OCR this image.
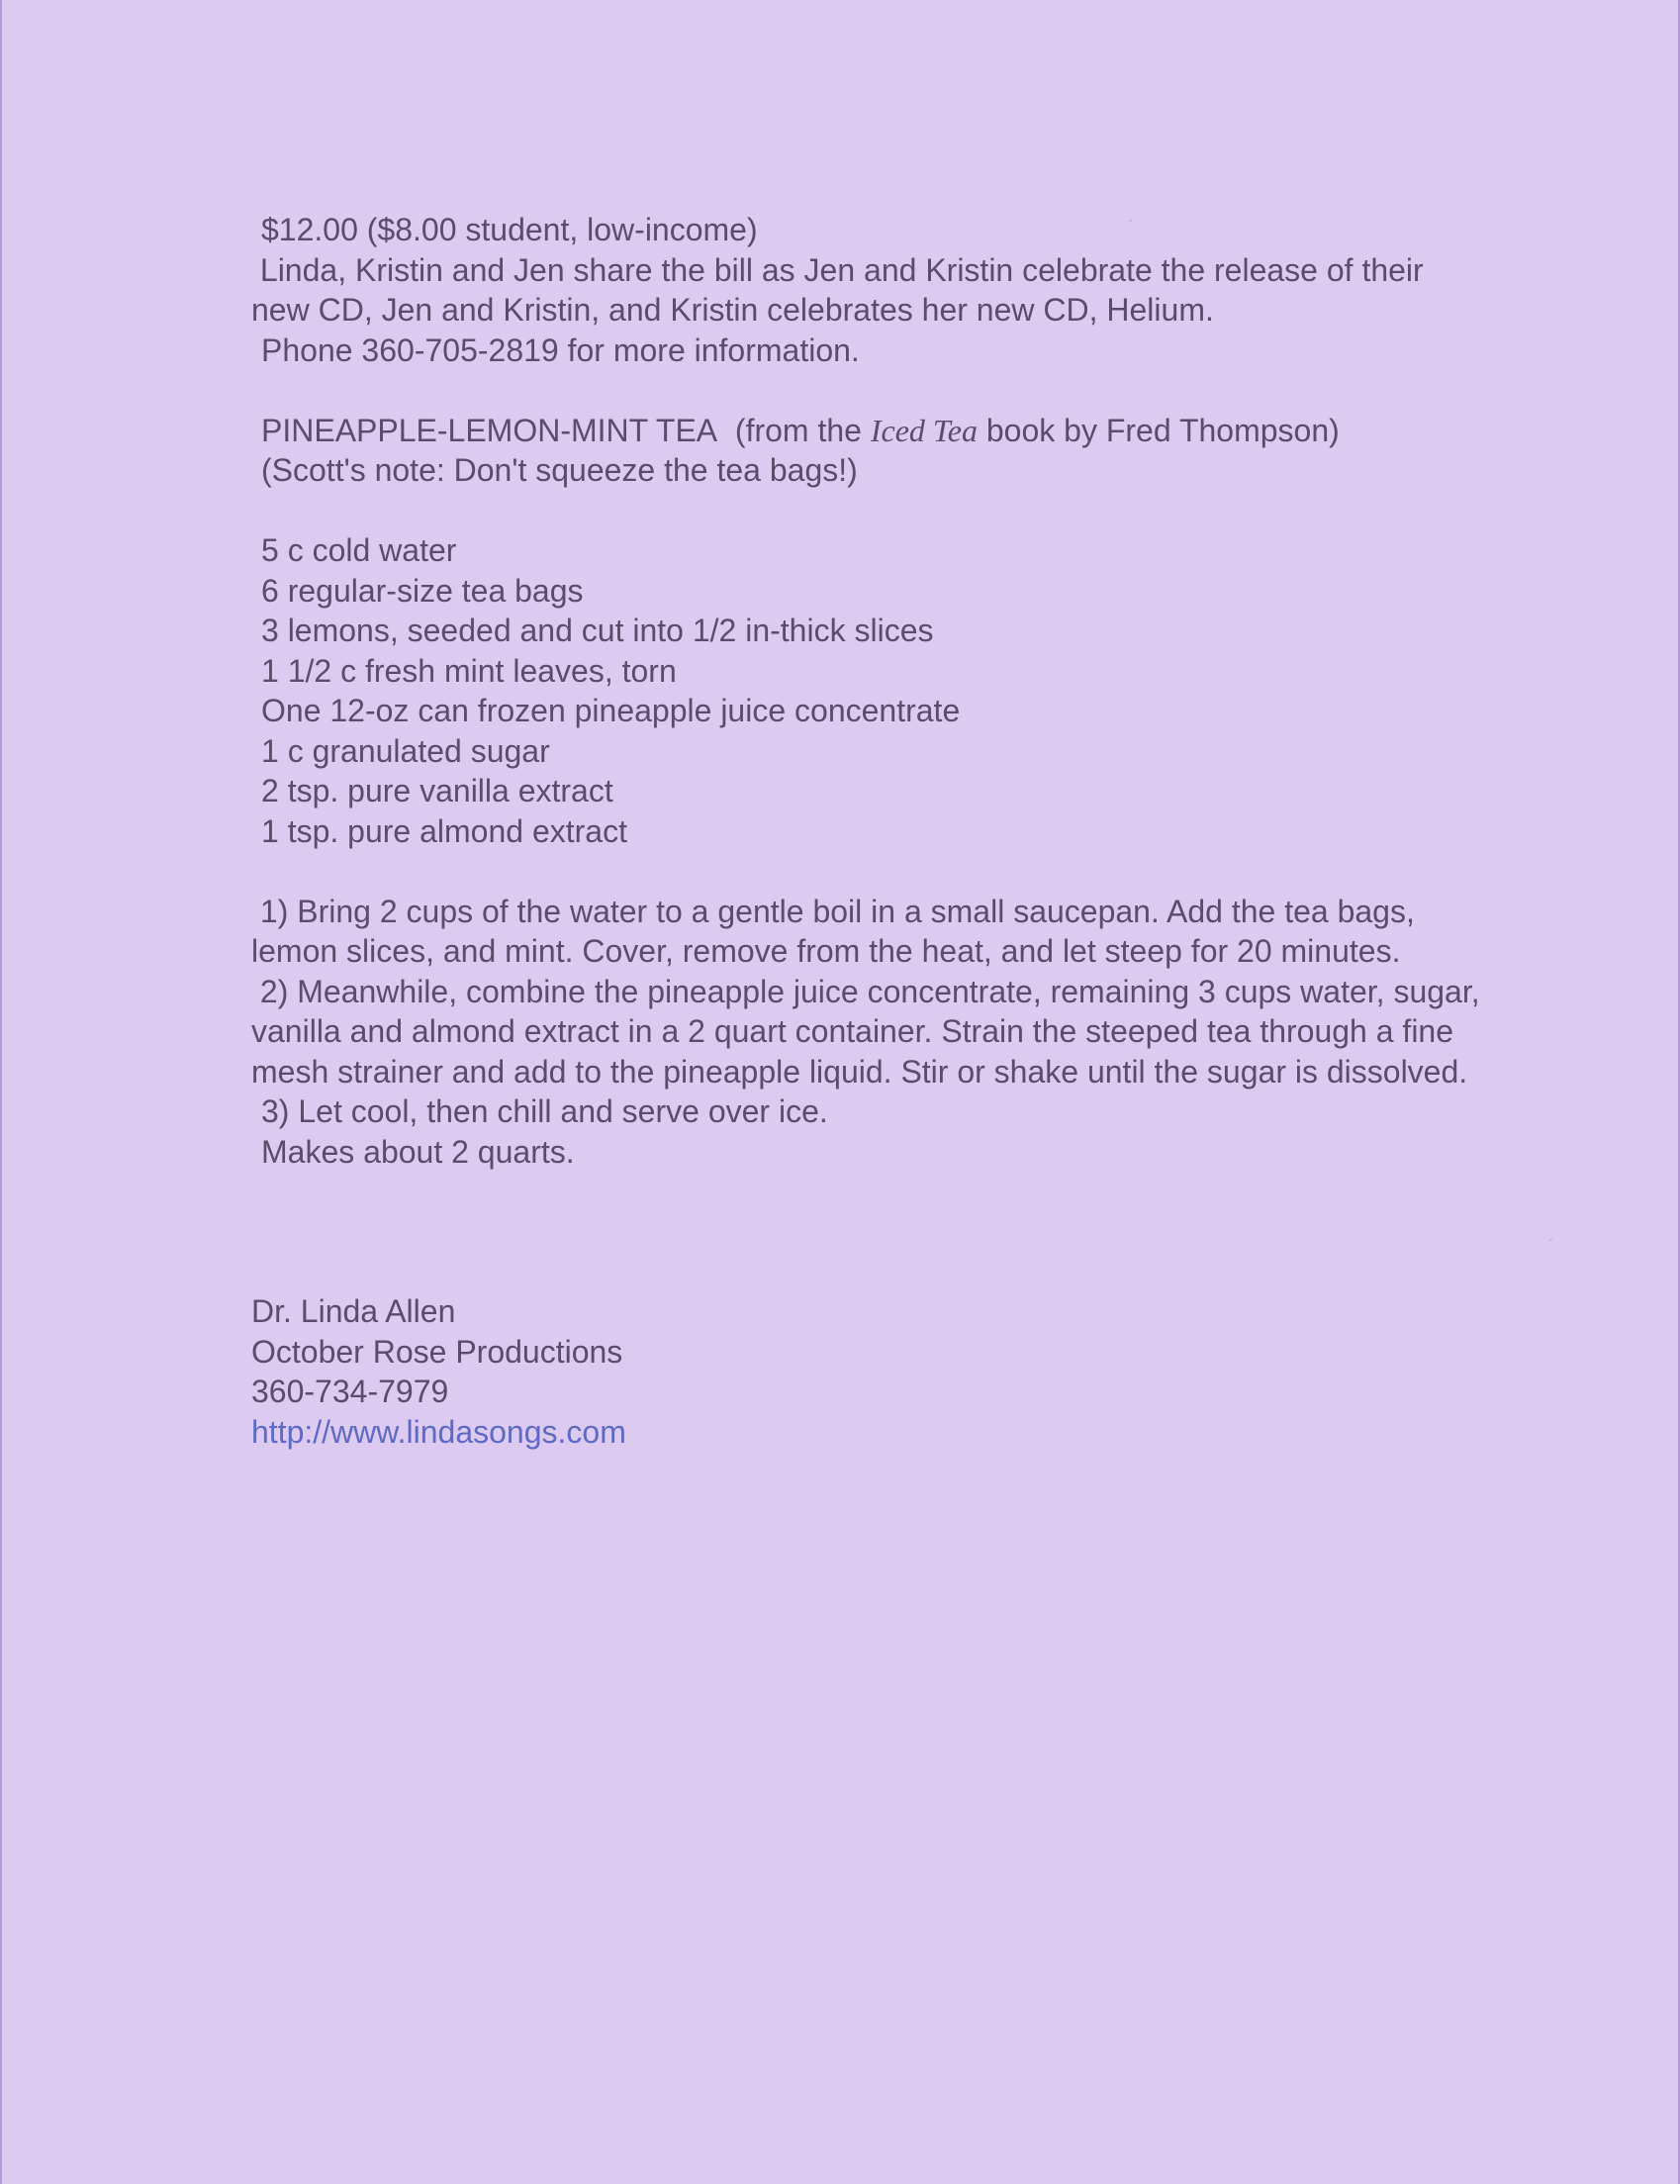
$12.00 ($8.00 student, low-income)

Linda, Kristin and Jen share the bill as Jen and Kristin celebrate the release of their new CD, Jen and Kristin, and Kristin celebrates her new CD, Helium.

Phone 360-705-2819 for more information.

PINEAPPLE-LEMON-MINT TEA (from the Iced Tea book by Fred Thompson)

(Scott's note: Don't squeeze the tea bags!)

5 c cold water

6 regular-size tea bags

3 lemons, seeded and cut into 1/2 in-thick slices

1 1/2 c fresh mint leaves, torn

One 12-oz can frozen pineapple juice concentrate

1 c granulated sugar

2 tsp. pure vanilla extract

1 tsp. pure almond extract

1) Bring 2 cups of the water to a gentle boil in a small saucepan. Add the tea bags, lemon slices, and mint. Cover, remove from the heat, and let steep for 20 minutes.

2) Meanwhile, combine the pineapple juice concentrate, remaining 3 cups water, sugar, vanilla and almond extract in a 2 quart container. Strain the steeped tea through a fine mesh strainer and add to the pineapple liquid. Stir or shake until the sugar is dissolved.

3) Let cool, then chill and serve over ice.

Makes about 2 quarts.

Dr. Linda Allen

October Rose Productions

360-734-7979

http://www.lindasongs.com
